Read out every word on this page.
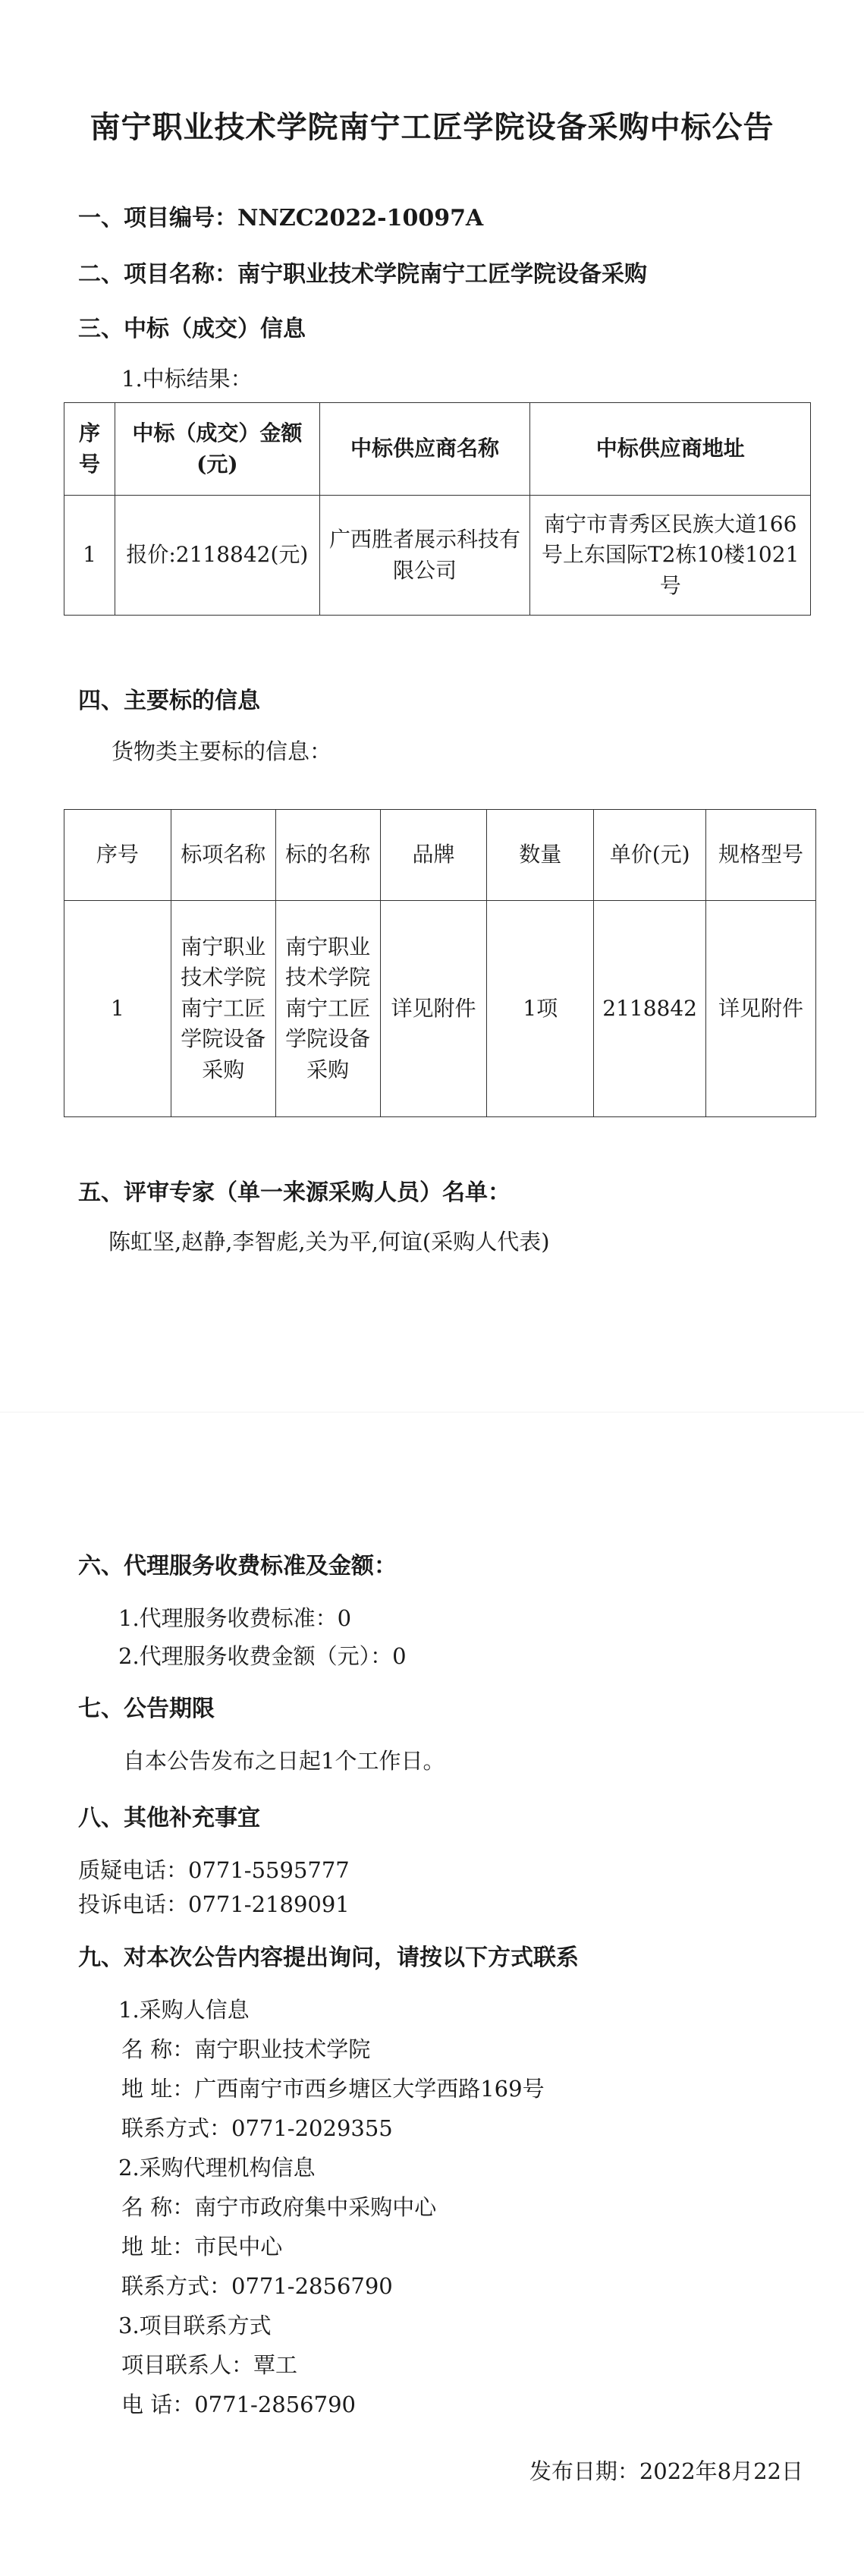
南宁职业技术学院南宁工匠学院设备采购中标公告
一、项目编号：NNZC2022-10097A
二、项目名称：南宁职业技术学院南宁工匠学院设备采购
三、中标（成交）信息
1.中标结果：
序号	中标（成交）金额(元)	中标供应商名称	中标供应商地址
1	报价:2118842(元)	广西胜者展示科技有限公司	南宁市青秀区民族大道166号上东国际T2栋10楼1021号
四、主要标的信息
货物类主要标的信息：
序号	标项名称	标的名称	品牌	数量	单价(元)	规格型号
1	南宁职业技术学院南宁工匠学院设备采购	南宁职业技术学院南宁工匠学院设备采购	详见附件	1项	2118842	详见附件
五、评审专家（单一来源采购人员）名单：
陈虹坚,赵静,李智彪,关为平,何谊(采购人代表)
六、代理服务收费标准及金额：
1.代理服务收费标准：0
2.代理服务收费金额（元）：0
七、公告期限
自本公告发布之日起1个工作日。
八、其他补充事宜
质疑电话：0771-5595777
投诉电话：0771-2189091
九、对本次公告内容提出询问，请按以下方式联系
1.采购人信息
名 称：南宁职业技术学院
地 址：广西南宁市西乡塘区大学西路169号
联系方式：0771-2029355
2.采购代理机构信息
名 称：南宁市政府集中采购中心
地 址：市民中心
联系方式：0771-2856790
3.项目联系方式
项目联系人：覃工
电 话：0771-2856790
发布日期：2022年8月22日
